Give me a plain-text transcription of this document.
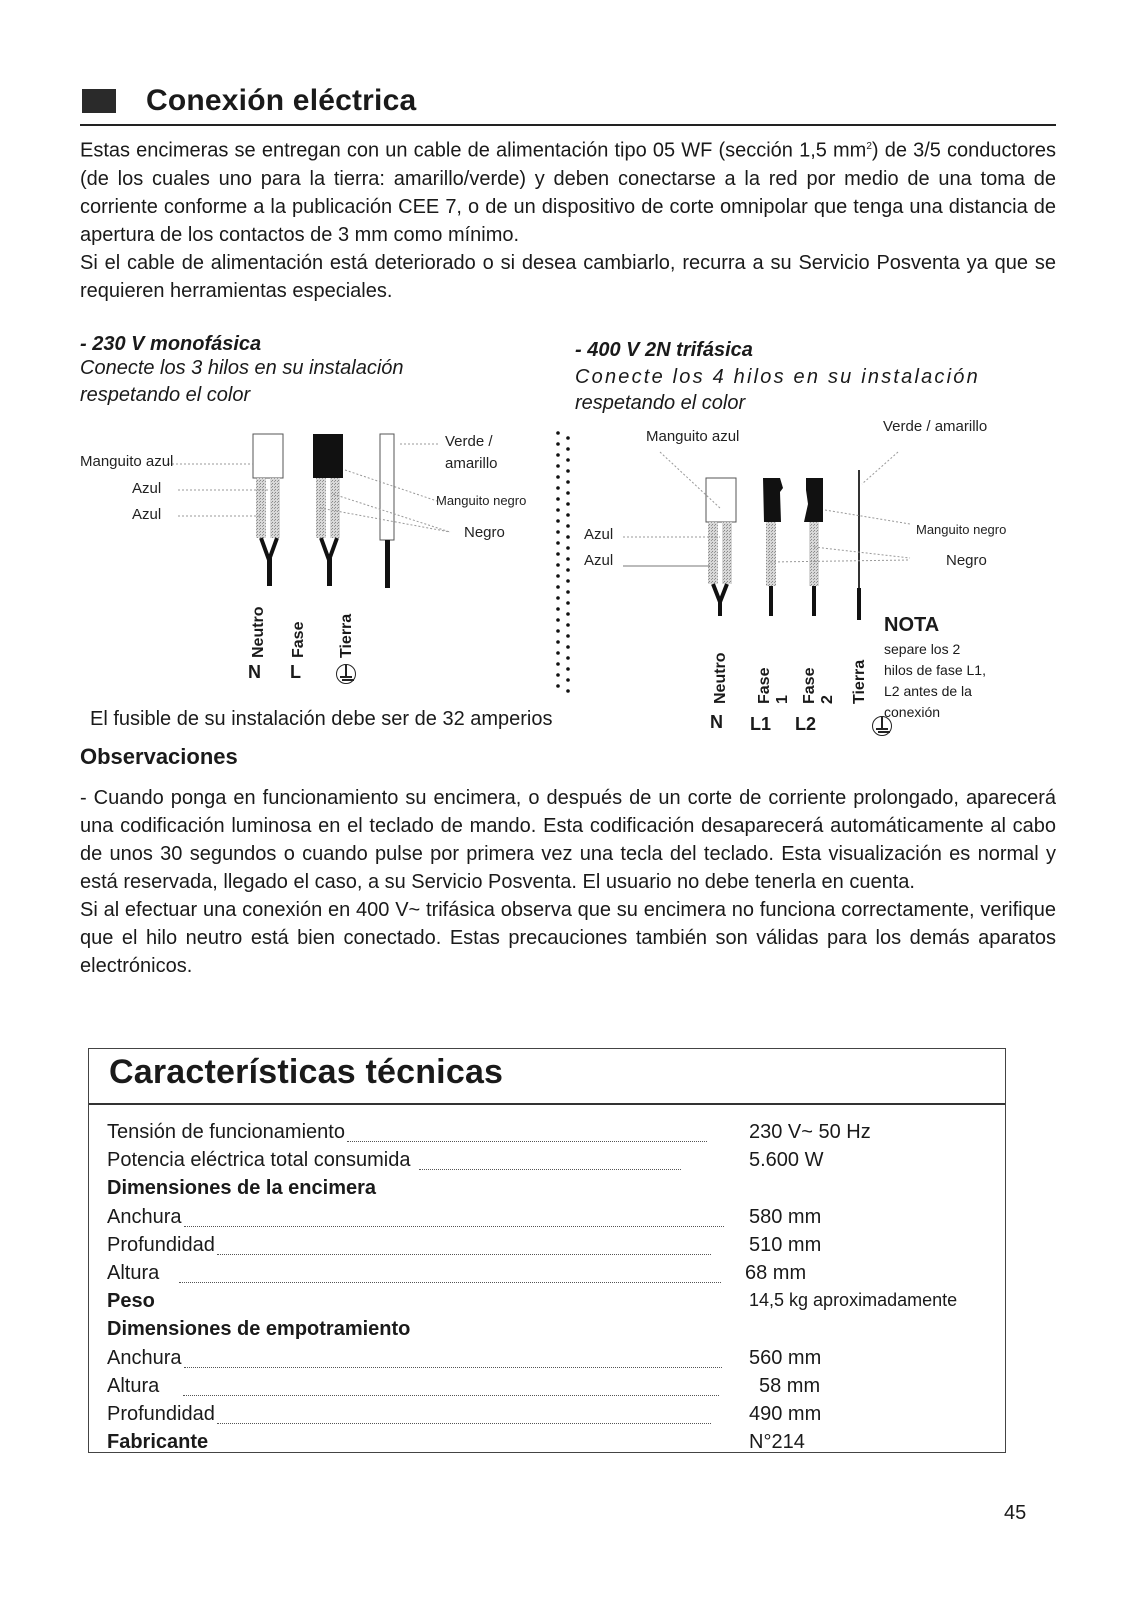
Conexión eléctrica
Estas encimeras se entregan con un cable de alimentación tipo 05 WF (sección 1,5 $mm^2$) de 3/5 conductores (de los cuales uno para la tierra: amarillo/verde) y deben conectarse a la red por medio de una toma de corriente conforme a la publicación CEE 7, o de un dispositivo de corte omnipolar que tenga una distancia de apertura de los contactos de 3 mm como mínimo.
Si el cable de alimentación está deteriorado o si desea cambiarlo, recurra a su Servicio Posventa ya que se requieren herramientas especiales.
- 230 V monofásica
Conecte los 3 hilos en su instalación
respetando el color
Manguito azul
Azul
Azul
Verde /
amarillo
Manguito negro
Negro
Neutro Fase Tierra
N L

- 400 V 2N trifásica
Conecte los 4 hilos en su instalación
respetando el color
Manguito azul
Verde / amarillo
Azul
Azul
Manguito negro
Negro
Neutro Fase 1 Fase 2 Tierra
N L1 L2
NOTA
separe los 2
hilos de fase L1,
L2 antes de la
conexión
El fusible de su instalación debe ser de 32 amperios
Observaciones
- Cuando ponga en funcionamiento su encimera, o después de un corte de corriente prolongado, aparecerá una codificación luminosa en el teclado de mando. Esta codificación desaparecerá automáticamente al cabo de unos 30 segundos o cuando pulse por primera vez una tecla del teclado. Esta visualización es normal y está reservada, llegado el caso, a su Servicio Posventa. El usuario no debe tenerla en cuenta.
Si al efectuar una conexión en 400 V~ trifásica observa que su encimera no funciona correctamente, verifique que el hilo neutro está bien conectado. Estas precauciones también son válidas para los demás aparatos electrónicos.
Características técnicas
Tensión de funcionamiento	230 V~ 50 Hz
Potencia eléctrica total consumida	5.600 W
Dimensiones de la encimera
Anchura	580 mm
Profundidad	510 mm
Altura	68 mm
Peso	14,5 kg aproximadamente
Dimensiones de empotramiento
Anchura	560 mm
Altura	58 mm
Profundidad	490 mm
Fabricante	N°214
45
